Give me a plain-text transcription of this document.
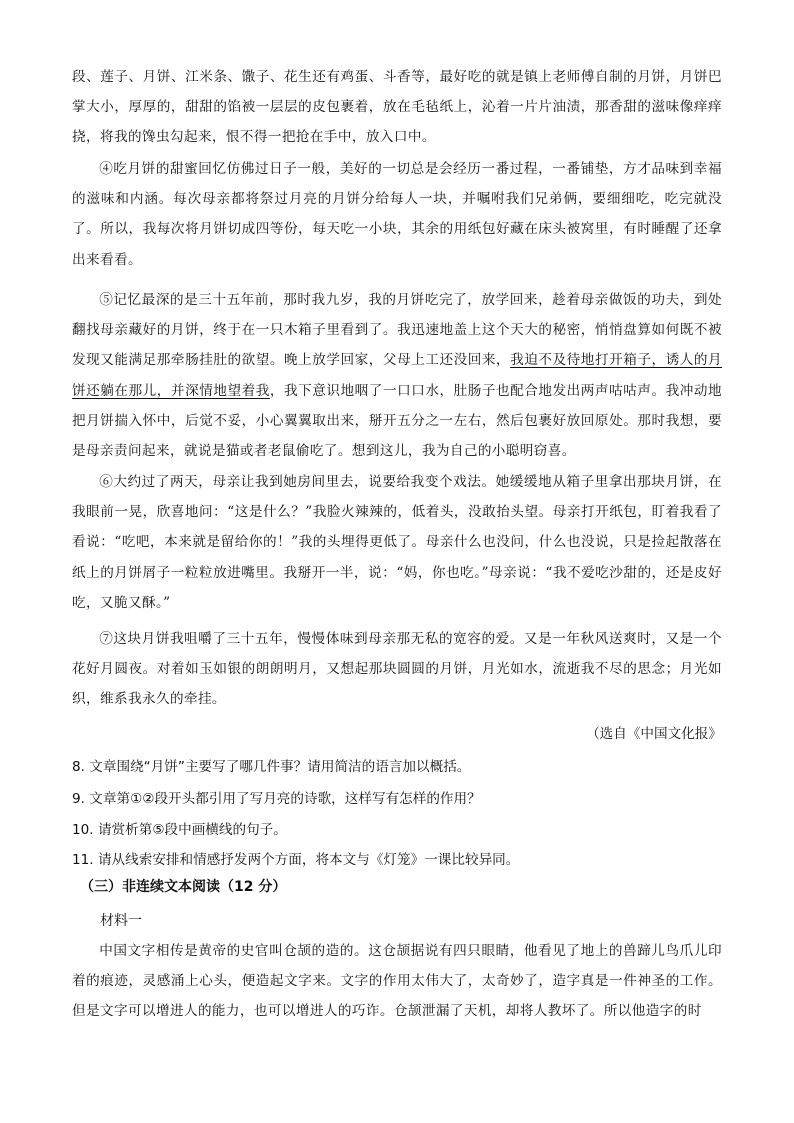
段、莲子、月饼、江米条、馓子、花生还有鸡蛋、斗香等，最好吃的就是镇上老师傅自制的月饼，月饼巴掌大小，厚厚的，甜甜的馅被一层层的皮包裹着，放在毛毡纸上，沁着一片片油渍，那香甜的滋味像痒痒挠，将我的馋虫勾起来，恨不得一把抢在手中，放入口中。

④吃月饼的甜蜜回忆仿佛过日子一般，美好的一切总是会经历一番过程，一番铺垫，方才品味到幸福的滋味和内涵。每次母亲都将祭过月亮的月饼分给每人一块，并嘱咐我们兄弟俩，要细细吃，吃完就没了。所以，我每次将月饼切成四等份，每天吃一小块，其余的用纸包好藏在床头被窝里，有时睡醒了还拿出来看看。

⑤记忆最深的是三十五年前，那时我九岁，我的月饼吃完了，放学回来，趁着母亲做饭的功夫，到处翻找母亲藏好的月饼，终于在一只木箱子里看到了。我迅速地盖上这个天大的秘密，悄悄盘算如何既不被发现又能满足那牵肠挂肚的欲望。晚上放学回家，父母上工还没回来，我迫不及待地打开箱子，诱人的月饼还躺在那儿，并深情地望着我，我下意识地咽了一口口水，肚肠子也配合地发出两声咕咕声。我冲动地把月饼揣入怀中，后觉不妥，小心翼翼取出来，掰开五分之一左右，然后包裹好放回原处。那时我想，要是母亲责问起来，就说是猫或者老鼠偷吃了。想到这儿，我为自己的小聪明窃喜。

⑥大约过了两天，母亲让我到她房间里去，说要给我变个戏法。她缓缓地从箱子里拿出那块月饼，在我眼前一晃，欣喜地问：“这是什么？”我脸火辣辣的，低着头，没敢抬头望。母亲打开纸包，盯着我看了看说：“吃吧，本来就是留给你的！”我的头埋得更低了。母亲什么也没问，什么也没说，只是捡起散落在纸上的月饼屑子一粒粒放进嘴里。我掰开一半，说：“妈，你也吃。”母亲说：“我不爱吃沙甜的，还是皮好吃，又脆又酥。”

⑦这块月饼我咀嚼了三十五年，慢慢体味到母亲那无私的宽容的爱。又是一年秋风送爽时，又是一个花好月圆夜。对着如玉如银的朗朗明月，又想起那块圆圆的月饼，月光如水，流逝我不尽的思念；月光如织，维系我永久的牵挂。

（选自《中国文化报》

8. 文章围绕“月饼”主要写了哪几件事？请用简洁的语言加以概括。

9. 文章第①②段开头都引用了写月亮的诗歌，这样写有怎样的作用？

10. 请赏析第⑤段中画横线的句子。

11. 请从线索安排和情感抒发两个方面，将本文与《灯笼》一课比较异同。

（三）非连续文本阅读（12 分）

材料一

中国文字相传是黄帝的史官叫仓颉的造的。这仓颉据说有四只眼睛，他看见了地上的兽蹄儿鸟爪儿印着的痕迹，灵感涌上心头，便造起文字来。文字的作用太伟大了，太奇妙了，造字真是一件神圣的工作。但是文字可以增进人的能力，也可以增进人的巧诈。仓颉泄漏了天机，却将人教坏了。所以他造字的时
